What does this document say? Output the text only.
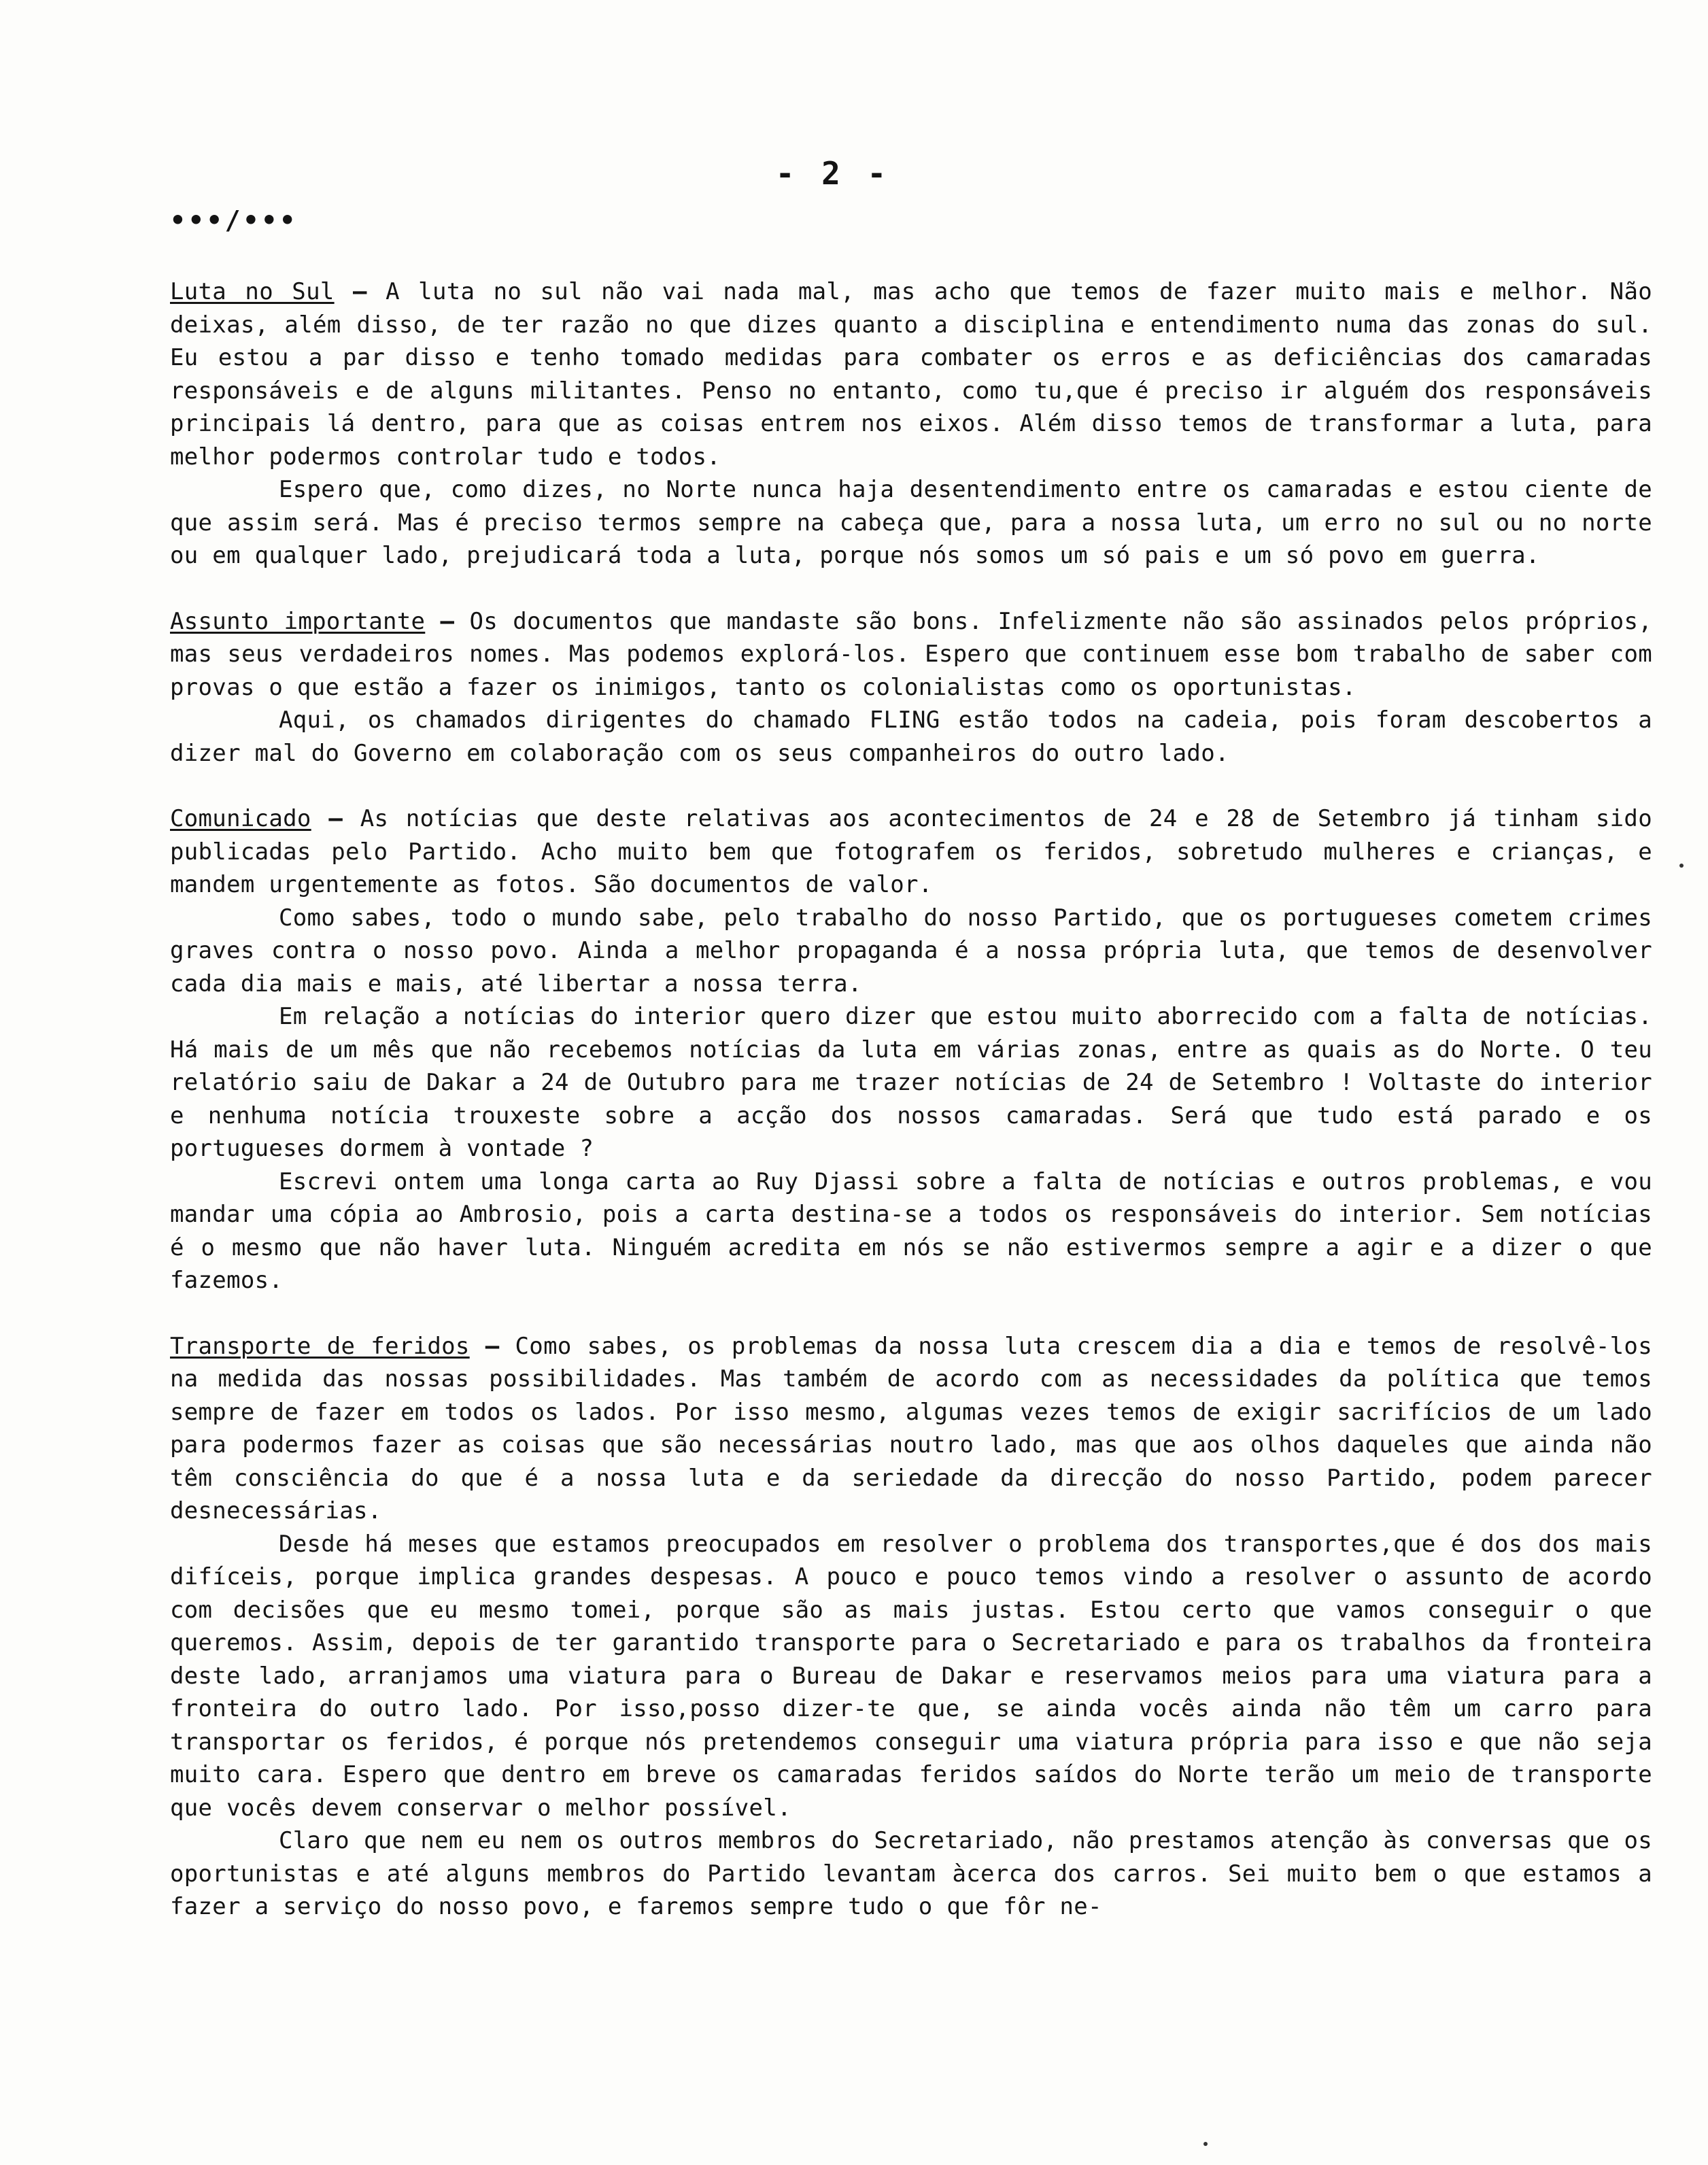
- 2 -
•••/•••

Luta no Sul – A luta no sul não vai nada mal, mas acho que temos de fazer muito mais e melhor. Não deixas, além disso, de ter razão no que dizes quanto a disciplina e entendimento numa das zonas do sul. Eu estou a par disso e tenho tomado medidas para combater os erros e as deficiências dos camaradas responsáveis e de alguns militantes. Penso no entanto, como tu,que é preciso ir alguém dos responsáveis principais lá dentro, para que as coisas entrem nos eixos. Além disso temos de transformar a luta, para melhor podermos controlar tudo e todos.

Espero que, como dizes, no Norte nunca haja desentendimento entre os camaradas e estou ciente de que assim será. Mas é preciso termos sempre na cabeça que, para a nossa luta, um erro no sul ou no norte ou em qualquer lado, prejudicará toda a luta, porque nós somos um só pais e um só povo em guerra.

Assunto importante – Os documentos que mandaste são bons. Infelizmente não são assinados pelos próprios, mas seus verdadeiros nomes. Mas podemos explorá-los. Espero que continuem esse bom trabalho de saber com provas o que estão a fazer os inimigos, tanto os colonialistas como os oportunistas.

Aqui, os chamados dirigentes do chamado FLING estão todos na cadeia, pois foram descobertos a dizer mal do Governo em colaboração com os seus companheiros do outro lado.

Comunicado – As notícias que deste relativas aos acontecimentos de 24 e 28 de Setembro já tinham sido publicadas pelo Partido. Acho muito bem que fotografem os feridos, sobretudo mulheres e crianças, e mandem urgentemente as fotos. São documentos de valor.

Como sabes, todo o mundo sabe, pelo trabalho do nosso Partido, que os portugueses cometem crimes graves contra o nosso povo. Ainda a melhor propaganda é a nossa própria luta, que temos de desenvolver cada dia mais e mais, até libertar a nossa terra.

Em relação a notícias do interior quero dizer que estou muito aborrecido com a falta de notícias. Há mais de um mês que não recebemos notícias da luta em várias zonas, entre as quais as do Norte. O teu relatório saiu de Dakar a 24 de Outubro para me trazer notícias de 24 de Setembro ! Voltaste do interior e nenhuma notícia trouxeste sobre a acção dos nossos camaradas. Será que tudo está parado e os portugueses dormem à vontade ?

Escrevi ontem uma longa carta ao Ruy Djassi sobre a falta de notícias e outros problemas, e vou mandar uma cópia ao Ambrosio, pois a carta destina-se a todos os responsáveis do interior. Sem notícias é o mesmo que não haver luta. Ninguém acredita em nós se não estivermos sempre a agir e a dizer o que fazemos.

Transporte de feridos – Como sabes, os problemas da nossa luta crescem dia a dia e temos de resolvê-los na medida das nossas possibilidades. Mas também de acordo com as necessidades da política que temos sempre de fazer em todos os lados. Por isso mesmo, algumas vezes temos de exigir sacrifícios de um lado para podermos fazer as coisas que são necessárias noutro lado, mas que aos olhos daqueles que ainda não têm consciência do que é a nossa luta e da seriedade da direcção do nosso Partido, podem parecer desnecessárias.

Desde há meses que estamos preocupados em resolver o problema dos transportes,que é dos dos mais difíceis, porque implica grandes despesas. A pouco e pouco temos vindo a resolver o assunto de acordo com decisões que eu mesmo tomei, porque são as mais justas. Estou certo que vamos conseguir o que queremos. Assim, depois de ter garantido transporte para o Secretariado e para os trabalhos da fronteira deste lado, arranjamos uma viatura para o Bureau de Dakar e reservamos meios para uma viatura para a fronteira do outro lado. Por isso,posso dizer-te que, se ainda vocês ainda não têm um carro para transportar os feridos, é porque nós pretendemos conseguir uma viatura própria para isso e que não seja muito cara. Espero que dentro em breve os camaradas feridos saídos do Norte terão um meio de transporte que vocês devem conservar o melhor possível.

Claro que nem eu nem os outros membros do Secretariado, não prestamos atenção às conversas que os oportunistas e até alguns membros do Partido levantam àcerca dos carros. Sei muito bem o que estamos a fazer a serviço do nosso povo, e faremos sempre tudo o que fôr ne-
